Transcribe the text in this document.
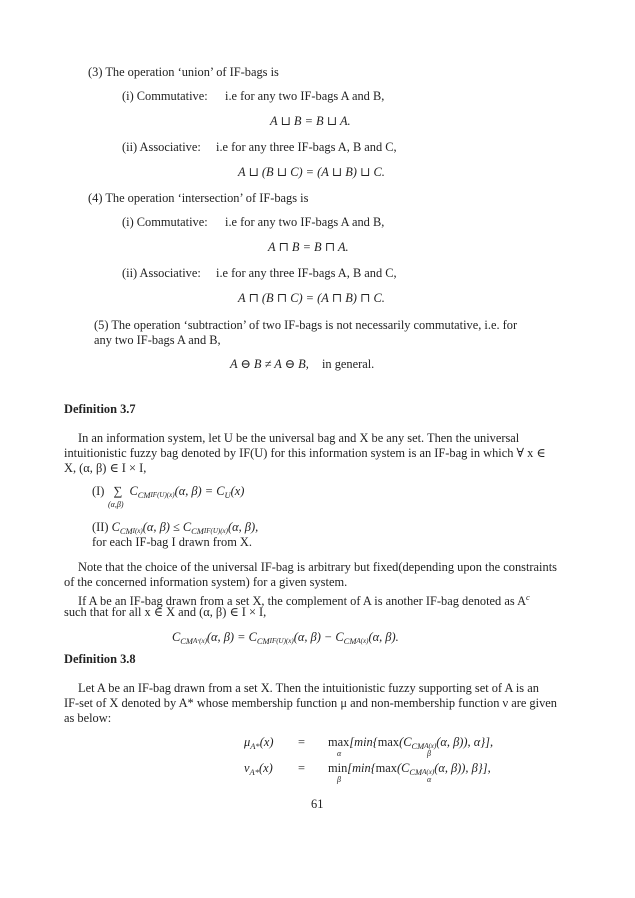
(3) The operation ‘union’ of IF-bags is
(i) Commutative: i.e for any two IF-bags A and B,
A ⊔ B = B ⊔ A.
(ii) Associative: i.e for any three IF-bags A, B and C,
A ⊔ (B ⊔ C) = (A ⊔ B) ⊔ C.
(4) The operation ‘intersection’ of IF-bags is
(i) Commutative: i.e for any two IF-bags A and B,
A ⊓ B = B ⊓ A.
(ii) Associative: i.e for any three IF-bags A, B and C,
A ⊓ (B ⊓ C) = (A ⊓ B) ⊓ C.
(5) The operation ‘subtraction’ of two IF-bags is not necessarily commutative, i.e. for
any two IF-bags A and B,
A ⊖ B ≠ A ⊖ B, in general.
Definition 3.7
In an information system, let U be the universal bag and X be any set. Then the universal
intuitionistic fuzzy bag denoted by IF(U) for this information system is an IF-bag in which ∀ x ∈
X, (α, β) ∈ I × I,
(I) ∑ $C_{CM}IF(U)(x)(\alpha$, $\beta) = C_U(x)$
(α,β)
(II) $C_{CM}I(x)(\alpha$, $\beta) \le C_{CM}IF(U)(x)(\alpha$, β),
for each IF-bag I drawn from X.
Note that the choice of the universal IF-bag is arbitrary but fixed(depending upon the constraints
of the concerned information system) for a given system.
If A be an IF-bag drawn from a set X, the complement of A is another IF-bag denoted as $A^c$
such that for all x ∈ X and (α, β) ∈ I × I,
$C_{CM}Aᶜ(x)(\alpha$, $\beta) = C_{CM}IF(U)(x)(\alpha$, $\beta) - C_{CM}A(x)(\alpha$, β).
Definition 3.8
Let A be an IF-bag drawn from a set X. Then the intuitionistic fuzzy supporting set of A is an
IF-set of X denoted by A* whose membership function μ and non-membership function ν are given
as below:
$\mu_{A*}(x) = \max[\min\{\max(C_{CM}A(x)(\alpha$, β)), α}],
α	β
$\nu_{A*}(x) = \min[\min\{\max(C_{CM}A(x)(\alpha$, β)), β}],
β	α
61
